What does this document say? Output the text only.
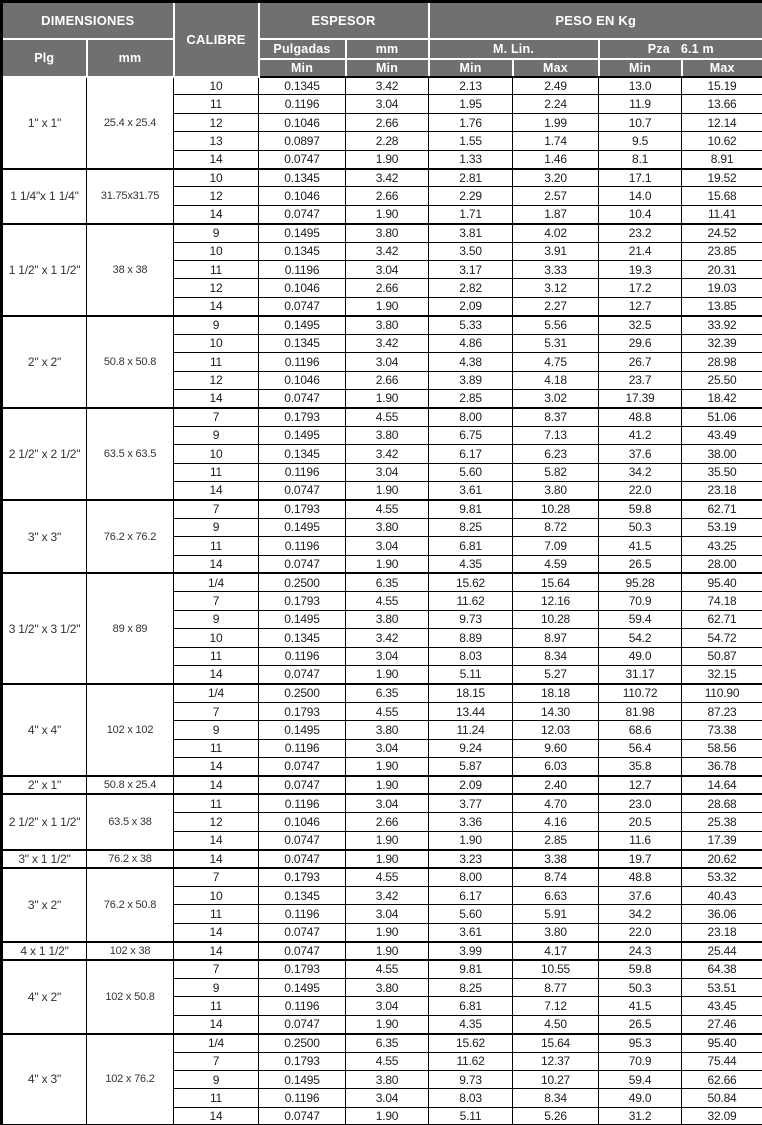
DIMENSIONES		CALIBRE	ESPESOR		PESO EN Kg			
Plg	mm		Pulgadas	mm	M. Lin.		Pza   6.1 m	
			Min	Min	Min	Max	Min	Max
1" x 1"	25.4 x 25.4	10	0.1345	3.42	2.13	2.49	13.0	15.19
		11	0.1196	3.04	1.95	2.24	11.9	13.66
		12	0.1046	2.66	1.76	1.99	10.7	12.14
		13	0.0897	2.28	1.55	1.74	9.5	10.62
		14	0.0747	1.90	1.33	1.46	8.1	8.91
1 1/4"x 1 1/4"	31.75x31.75	10	0.1345	3.42	2.81	3.20	17.1	19.52
		12	0.1046	2.66	2.29	2.57	14.0	15.68
		14	0.0747	1.90	1.71	1.87	10.4	11.41
1 1/2" x 1 1/2"	38 x 38	9	0.1495	3.80	3.81	4.02	23.2	24.52
		10	0.1345	3.42	3.50	3.91	21.4	23.85
		11	0.1196	3.04	3.17	3.33	19.3	20.31
		12	0.1046	2.66	2.82	3.12	17.2	19.03
		14	0.0747	1.90	2.09	2.27	12.7	13.85
2" x 2"	50.8 x 50.8	9	0.1495	3.80	5.33	5.56	32.5	33.92
		10	0.1345	3.42	4.86	5.31	29.6	32.39
		11	0.1196	3.04	4.38	4.75	26.7	28.98
		12	0.1046	2.66	3.89	4.18	23.7	25.50
		14	0.0747	1.90	2.85	3.02	17.39	18.42
2 1/2" x 2 1/2"	63.5 x 63.5	7	0.1793	4.55	8.00	8.37	48.8	51.06
		9	0.1495	3.80	6.75	7.13	41.2	43.49
		10	0.1345	3.42	6.17	6.23	37.6	38.00
		11	0.1196	3.04	5.60	5.82	34.2	35.50
		14	0.0747	1.90	3.61	3.80	22.0	23.18
3" x 3"	76.2 x 76.2	7	0.1793	4.55	9.81	10.28	59.8	62.71
		9	0.1495	3.80	8.25	8.72	50.3	53.19
		11	0.1196	3.04	6.81	7.09	41.5	43.25
		14	0.0747	1.90	4.35	4.59	26.5	28.00
3 1/2" x 3 1/2"	89 x 89	1/4	0.2500	6.35	15.62	15.64	95.28	95.40
		7	0.1793	4.55	11.62	12.16	70.9	74.18
		9	0.1495	3.80	9.73	10.28	59.4	62.71
		10	0.1345	3.42	8.89	8.97	54.2	54.72
		11	0.1196	3.04	8.03	8.34	49.0	50.87
		14	0.0747	1.90	5.11	5.27	31.17	32.15
4" x 4"	102 x 102	1/4	0.2500	6.35	18.15	18.18	110.72	110.90
		7	0.1793	4.55	13.44	14.30	81.98	87.23
		9	0.1495	3.80	11.24	12.03	68.6	73.38
		11	0.1196	3.04	9.24	9.60	56.4	58.56
		14	0.0747	1.90	5.87	6.03	35.8	36.78
2" x 1"	50.8 x 25.4	14	0.0747	1.90	2.09	2.40	12.7	14.64
2 1/2" x 1 1/2"	63.5 x 38	11	0.1196	3.04	3.77	4.70	23.0	28.68
		12	0.1046	2.66	3.36	4.16	20.5	25.38
		14	0.0747	1.90	1.90	2.85	11.6	17.39
3" x 1 1/2"	76.2 x 38	14	0.0747	1.90	3.23	3.38	19.7	20.62
3" x 2"	76.2 x 50.8	7	0.1793	4.55	8.00	8.74	48.8	53.32
		10	0.1345	3.42	6.17	6.63	37.6	40.43
		11	0.1196	3.04	5.60	5.91	34.2	36.06
		14	0.0747	1.90	3.61	3.80	22.0	23.18
4 x 1 1/2"	102 x 38	14	0.0747	1.90	3.99	4.17	24.3	25.44
4" x 2"	102 x 50.8	7	0.1793	4.55	9.81	10.55	59.8	64.38
		9	0.1495	3.80	8.25	8.77	50.3	53.51
		11	0.1196	3.04	6.81	7.12	41.5	43.45
		14	0.0747	1.90	4.35	4.50	26.5	27.46
4" x 3"	102 x 76.2	1/4	0.2500	6.35	15.62	15.64	95.3	95.40
		7	0.1793	4.55	11.62	12.37	70.9	75.44
		9	0.1495	3.80	9.73	10.27	59.4	62.66
		11	0.1196	3.04	8.03	8.34	49.0	50.84
		14	0.0747	1.90	5.11	5.26	31.2	32.09
